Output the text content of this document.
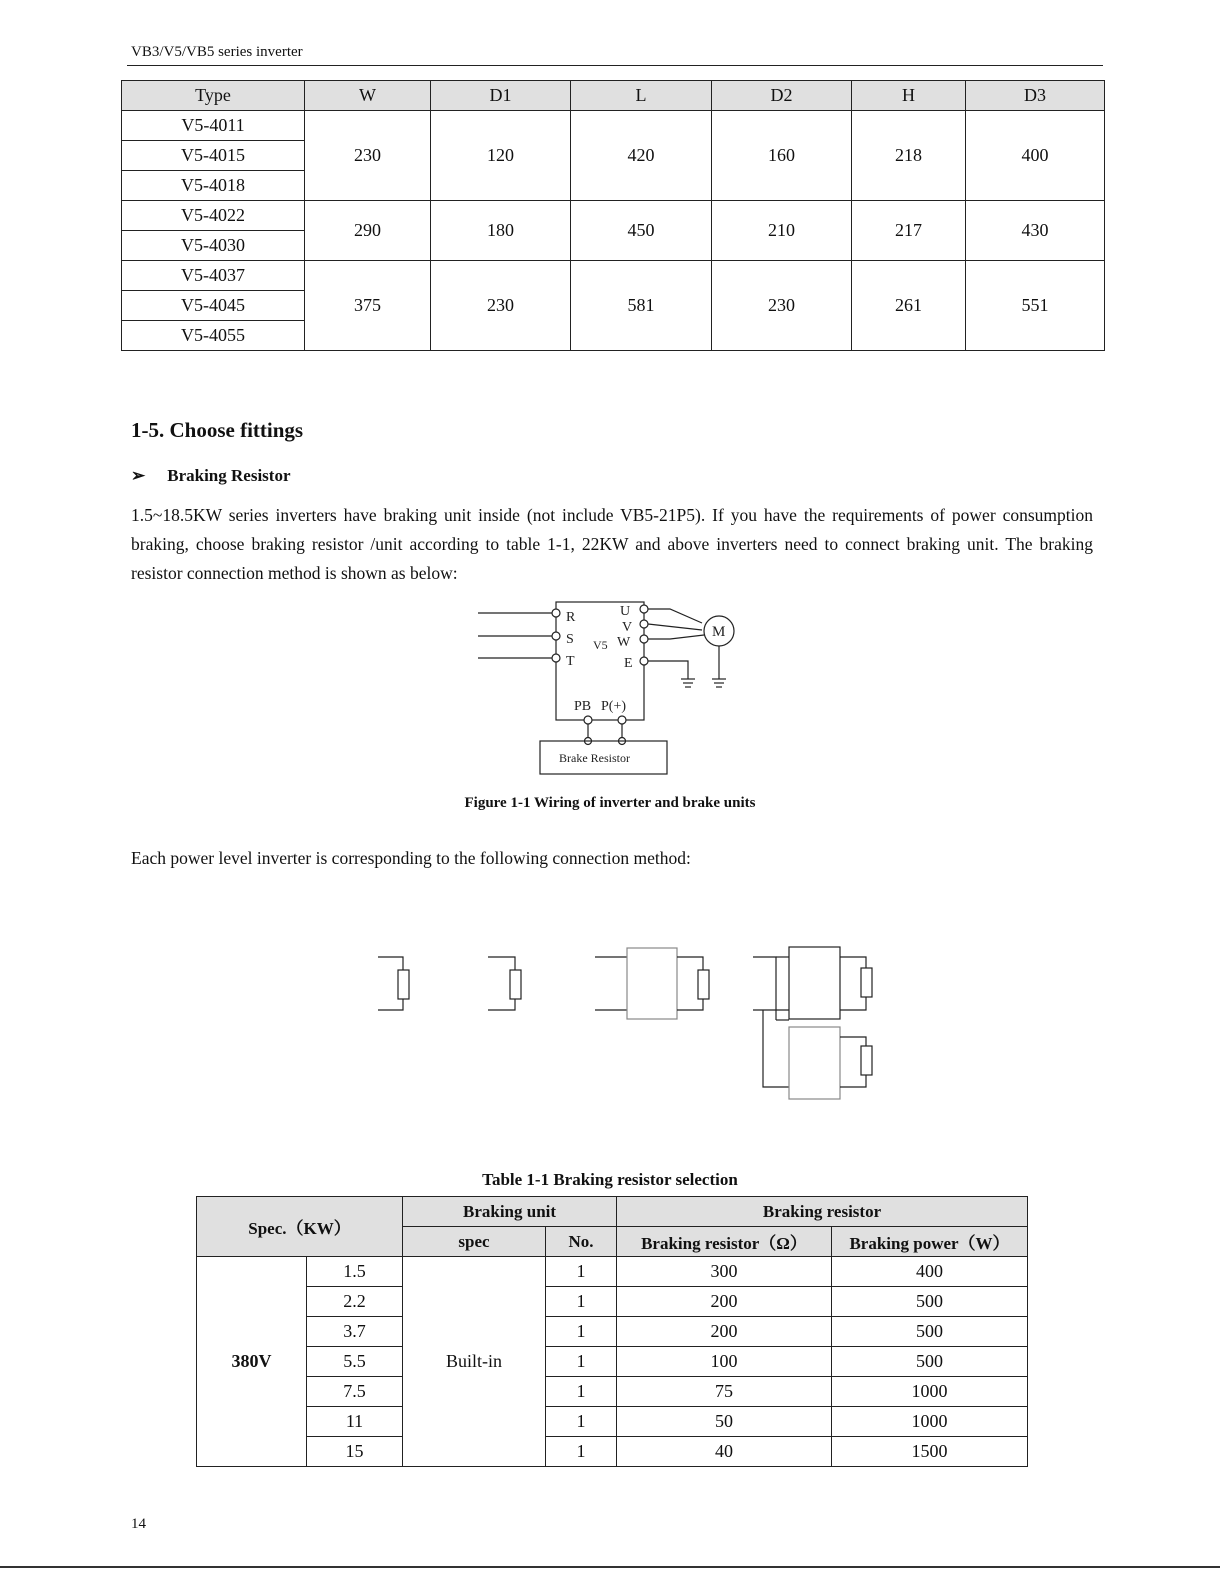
VB3/V5/VB5 series inverter
Type	W	D1	L	D2	H	D3
V5-4011	230	120	420	160	218	400
V5-4015						
V5-4018						
V5-4022	290	180	450	210	217	430
V5-4030						
V5-4037	375	230	581	230	261	551
V5-4045						
V5-4055						
1-5. Choose fittings
➢ Braking Resistor
1.5~18.5KW series inverters have braking unit inside (not include VB5-21P5). If you have the requirements of power consumption braking, choose braking resistor /unit according to table 1-1, 22KW and above inverters need to connect braking unit. The braking resistor connection method is shown as below:
R
S
T
V5
U
V
W
E
M
PB P(+)
Brake Resistor
Figure 1-1 Wiring of inverter and brake units
Each power level inverter is corresponding to the following connection method:
Table 1-1 Braking resistor selection
Spec.（KW）		Braking unit		Braking resistor	
		spec	No.	Braking resistor（Ω）	Braking power（W）
380V	1.5	Built-in	1	300	400
	2.2		1	200	500
	3.7		1	200	500
	5.5		1	100	500
	7.5		1	75	1000
	11		1	50	1000
	15		1	40	1500
14
